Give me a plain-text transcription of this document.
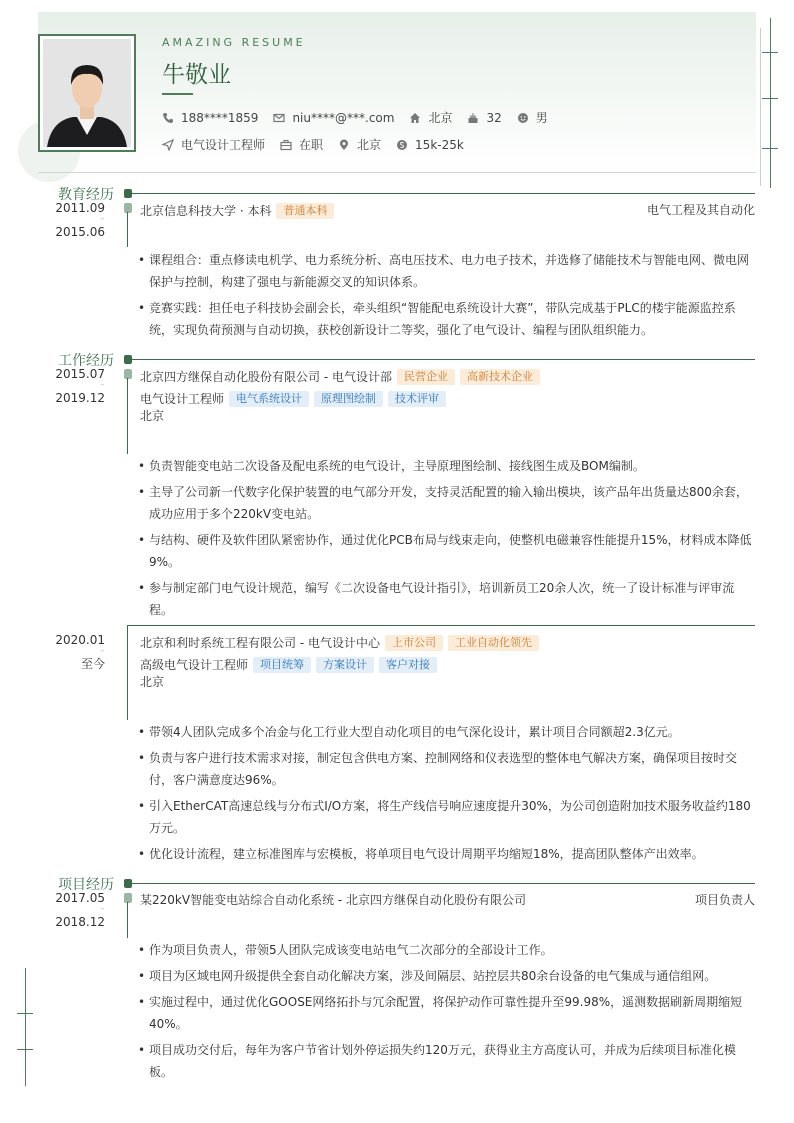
AMAZING RESUME
牛敬业
188****1859	niu****@***.com	北京	32	男
电气设计工程师	在职	北京	15k-25k
教育经历
2011.09
-
2015.06
北京信息科技大学 · 本科 普通本科	电气工程及其自动化
• 课程组合：重点修读电机学、电力系统分析、高电压技术、电力电子技术，并选修了储能技术与智能电网、微电网保护与控制，构建了强电与新能源交叉的知识体系。
• 竞赛实践：担任电子科技协会副会长，牵头组织“智能配电系统设计大赛”，带队完成基于PLC的楼宇能源监控系统，实现负荷预测与自动切换，获校创新设计二等奖，强化了电气设计、编程与团队组织能力。
工作经历
2015.07
-
2019.12
北京四方继保自动化股份有限公司 - 电气设计部 民营企业 高新技术企业
电气设计工程师 电气系统设计 原理图绘制 技术评审
北京
• 负责智能变电站二次设备及配电系统的电气设计，主导原理图绘制、接线图生成及BOM编制。
• 主导了公司新一代数字化保护装置的电气部分开发，支持灵活配置的输入输出模块，该产品年出货量达800余套，成功应用于多个220kV变电站。
• 与结构、硬件及软件团队紧密协作，通过优化PCB布局与线束走向，使整机电磁兼容性能提升15%，材料成本降低9%。
• 参与制定部门电气设计规范，编写《二次设备电气设计指引》，培训新员工20余人次，统一了设计标准与评审流程。
2020.01
-
至今
北京和利时系统工程有限公司 - 电气设计中心 上市公司 工业自动化领先
高级电气设计工程师 项目统筹 方案设计 客户对接
北京
• 带领4人团队完成多个冶金与化工行业大型自动化项目的电气深化设计，累计项目合同额超2.3亿元。
• 负责与客户进行技术需求对接，制定包含供电方案、控制网络和仪表选型的整体电气解决方案，确保项目按时交付，客户满意度达96%。
• 引入EtherCAT高速总线与分布式I/O方案，将生产线信号响应速度提升30%，为公司创造附加技术服务收益约180万元。
• 优化设计流程，建立标准图库与宏模板，将单项目电气设计周期平均缩短18%，提高团队整体产出效率。
项目经历
2017.05
-
2018.12
某220kV智能变电站综合自动化系统 - 北京四方继保自动化股份有限公司	项目负责人
• 作为项目负责人，带领5人团队完成该变电站电气二次部分的全部设计工作。
• 项目为区域电网升级提供全套自动化解决方案，涉及间隔层、站控层共80余台设备的电气集成与通信组网。
• 实施过程中，通过优化GOOSE网络拓扑与冗余配置，将保护动作可靠性提升至99.98%，遥测数据刷新周期缩短40%。
• 项目成功交付后，每年为客户节省计划外停运损失约120万元，获得业主方高度认可，并成为后续项目标准化模板。
